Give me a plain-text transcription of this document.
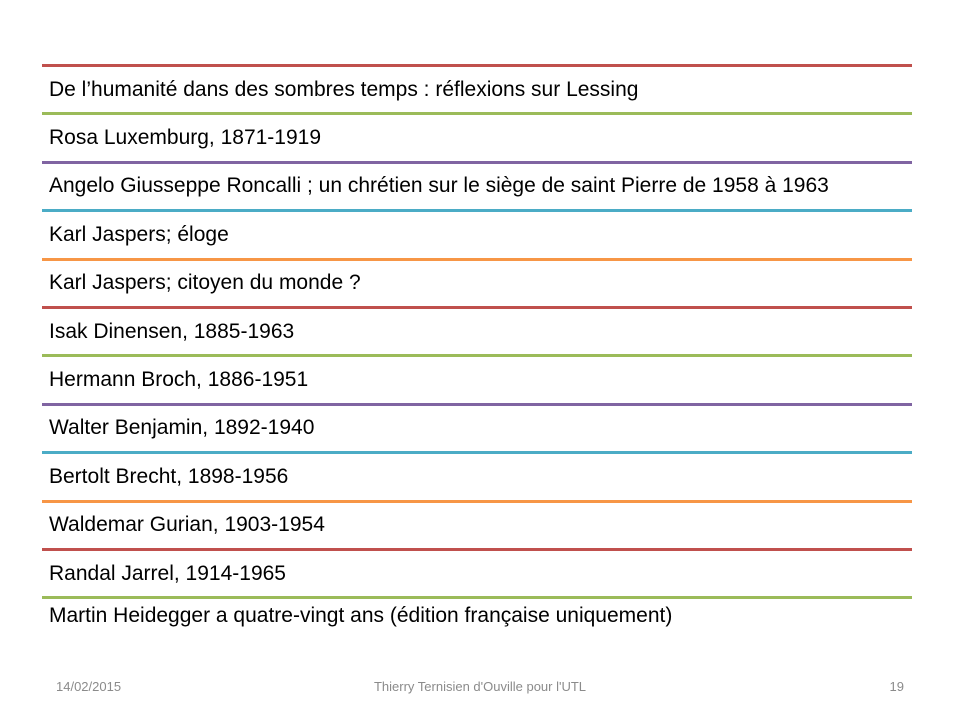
De l’humanité dans des sombres temps : réflexions sur Lessing
Rosa Luxemburg, 1871-1919
Angelo Giusseppe Roncalli ; un chrétien sur le siège de saint Pierre de 1958 à 1963
Karl Jaspers; éloge
Karl Jaspers; citoyen du monde ?
Isak Dinensen, 1885-1963
Hermann Broch, 1886-1951
Walter Benjamin, 1892-1940
Bertolt Brecht, 1898-1956
Waldemar Gurian, 1903-1954
Randal Jarrel, 1914-1965
Martin Heidegger a quatre-vingt ans (édition française uniquement)
14/02/2015	Thierry Ternisien d'Ouville pour l'UTL	19
